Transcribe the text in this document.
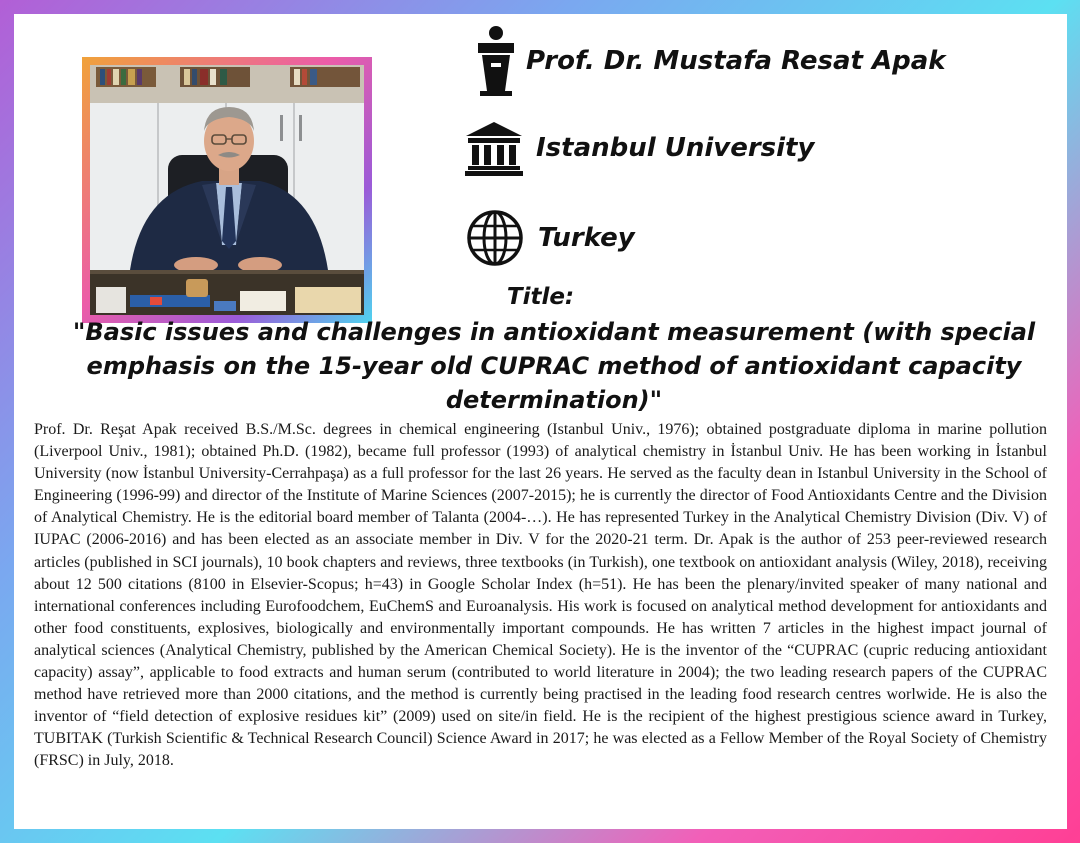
Prof. Dr. Mustafa Resat Apak
Istanbul University
Turkey
Title:
"Basic issues and challenges in antioxidant measurement (with special emphasis on the 15-year old CUPRAC method of antioxidant capacity determination)"

Prof. Dr. Reşat Apak received B.S./M.Sc. degrees in chemical engineering (Istanbul Univ., 1976); obtained postgraduate diploma in marine pollution (Liverpool Univ., 1981); obtained Ph.D. (1982), became full professor (1993) of analytical chemistry in İstanbul Univ. He has been working in İstanbul University (now İstanbul University-Cerrahpaşa) as a full professor for the last 26 years. He served as the faculty dean in Istanbul University in the School of Engineering (1996-99) and director of the Institute of Marine Sciences (2007-2015); he is currently the director of Food Antioxidants Centre and the Division of Analytical Chemistry. He is the editorial board member of Talanta (2004-…). He has represented Turkey in the Analytical Chemistry Division (Div. V) of IUPAC (2006-2016) and has been elected as an associate member in Div. V for the 2020-21 term. Dr. Apak is the author of 253 peer-reviewed research articles (published in SCI journals), 10 book chapters and reviews, three textbooks (in Turkish), one textbook on antioxidant analysis (Wiley, 2018), receiving about 12 500 citations (8100 in Elsevier-Scopus; h=43) in Google Scholar Index (h=51). He has been the plenary/invited speaker of many national and international conferences including Eurofoodchem, EuChemS and Euroanalysis. His work is focused on analytical method development for antioxidants and other food constituents, explosives, biologically and environmentally important compounds. He has written 7 articles in the highest impact journal of analytical sciences (Analytical Chemistry, published by the American Chemical Society). He is the inventor of the “CUPRAC (cupric reducing antioxidant capacity) assay”, applicable to food extracts and human serum (contributed to world literature in 2004); the two leading research papers of the CUPRAC method have retrieved more than 2000 citations, and the method is currently being practised in the leading food research centres worlwide. He is also the inventor of “field detection of explosive residues kit” (2009) used on site/in field. He is the recipient of the highest prestigious science award in Turkey, TUBITAK (Turkish Scientific & Technical Research Council) Science Award in 2017; he was elected as a Fellow Member of the Royal Society of Chemistry (FRSC) in July, 2018.
